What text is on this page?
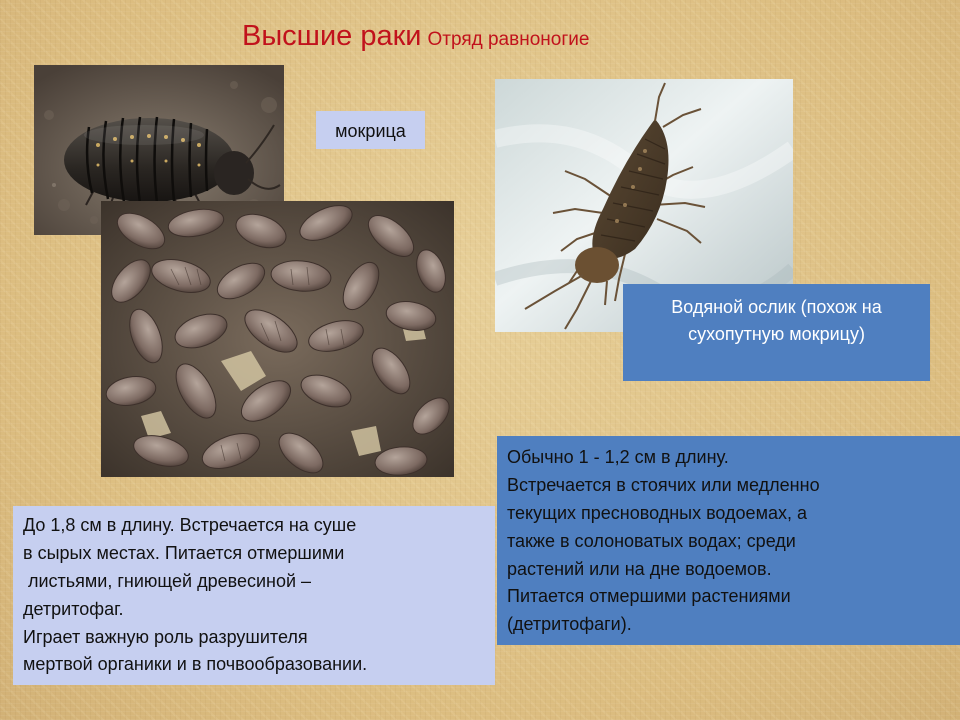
Высшие раки Отряд равноногие
мокрица
Водяной ослик (похож на
сухопутную мокрицу)
До 1,8 см в длину. Встречается на суше
в сырых местах. Питается отмершими
листьями, гниющей древесиной –
детритофаг.
Играет важную роль разрушителя
мертвой органики и в почвообразовании.
Обычно 1 - 1,2 см в длину.
Встречается в стоячих или медленно
текущих пресноводных водоемах, а
также в солоноватых водах; среди
растений или на дне водоемов.
Питается отмершими растениями
(детритофаги).
